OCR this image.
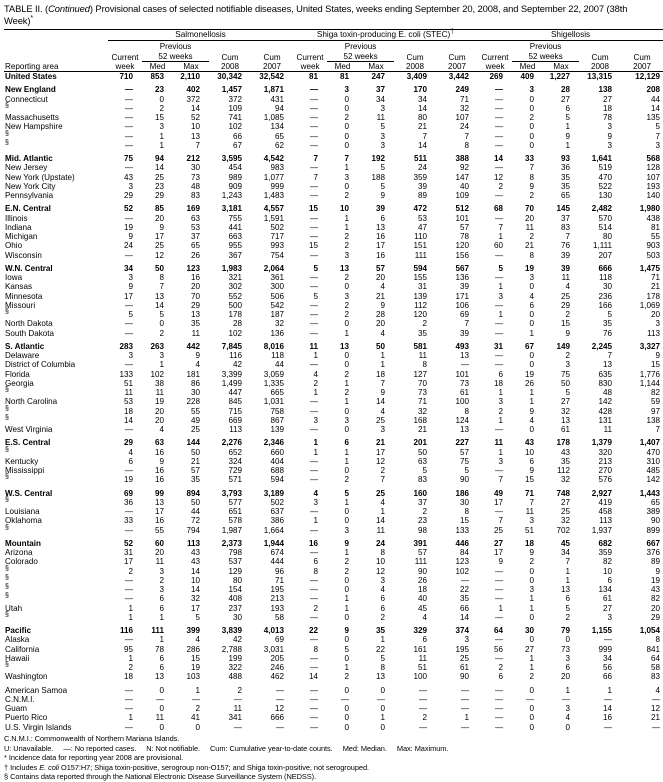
TABLE II. (Continued) Provisional cases of selected notifiable diseases, United States, weeks ending September 20, 2008, and September 22, 2007 (38th Week)*

	Salmonellosis					Shiga toxin-producing E. coli (STEC)†					Shigellosis				

		Previous					Previous					Previous			
	Current	52 weeks		Cum	Cum	Current	52 weeks		Cum	Cum	Current	52 weeks		Cum	Cum
Reporting area	week	Med	Max	2008	2007	week	Med	Max	2008	2007	week	Med	Max	2008	2007
United States	710	853	2,110	30,342	32,542	81	81	247	3,409	3,442	269	409	1,227	13,315	12,129

New England	—	23	402	1,457	1,871	—	3	37	170	249	—	3	28	138	208
Connecticut	—	0	372	372	431	—	0	34	34	71	—	0	27	27	44
§	—	2	14	109	94	—	0	3	14	32	—	0	6	18	14
Massachusetts	—	15	52	741	1,085	—	2	11	80	107	—	2	5	78	135
New Hampshire	—	3	10	102	134	—	0	5	21	24	—	0	1	3	5
§	—	1	13	66	65	—	0	3	7	7	—	0	9	9	7
§	—	1	7	67	62	—	0	3	14	8	—	0	1	3	3

Mid. Atlantic	75	94	212	3,595	4,542	7	7	192	511	388	14	33	93	1,641	568
New Jersey	—	14	30	454	983	—	1	5	24	92	—	7	36	519	128
New York (Upstate)	43	25	73	989	1,077	7	3	188	359	147	12	8	35	470	107
New York City	3	23	48	909	999	—	0	5	39	40	2	9	35	522	193
Pennsylvania	29	29	83	1,243	1,483	—	2	9	89	109	—	2	65	130	140

E.N. Central	52	85	169	3,181	4,557	15	10	39	472	512	68	70	145	2,482	1,980
Illinois	—	20	63	755	1,591	—	1	6	53	101	—	20	37	570	438
Indiana	19	9	53	441	502	—	1	13	47	57	7	11	83	514	81
Michigan	9	17	37	663	717	—	2	16	110	78	1	2	7	80	55
Ohio	24	25	65	955	993	15	2	17	151	120	60	21	76	1,111	903
Wisconsin	—	12	26	367	754	—	3	16	111	156	—	8	39	207	503

W.N. Central	34	50	123	1,983	2,064	5	13	57	594	567	5	19	39	666	1,475
Iowa	3	8	16	321	361	—	2	20	155	136	—	3	11	118	71
Kansas	9	7	20	302	300	—	0	4	31	39	1	0	4	30	21
Minnesota	17	13	70	552	506	5	3	21	139	171	3	4	25	236	178
Missouri	—	14	29	500	542	—	2	9	112	106	—	6	29	166	1,069
§	5	5	13	178	187	—	2	28	120	69	1	0	2	5	20
North Dakota	—	0	35	28	32	—	0	20	2	7	—	0	15	35	3
South Dakota	—	2	11	102	136	—	1	4	35	39	—	1	9	76	113

S. Atlantic	283	263	442	7,845	8,016	11	13	50	581	493	31	67	149	2,245	3,327
Delaware	3	3	9	116	118	1	0	1	11	13	—	0	2	7	9
District of Columbia	—	1	4	42	44	—	0	1	8	—	—	0	3	13	15
Florida	133	102	181	3,399	3,059	4	2	18	127	101	6	19	75	635	1,776
Georgia	51	38	86	1,499	1,335	2	1	7	70	73	18	26	50	830	1,144
§	11	11	30	447	665	1	2	9	73	61	1	1	5	48	82
North Carolina	53	19	228	845	1,031	—	1	14	71	100	3	1	27	142	59
§	18	20	55	715	758	—	0	4	32	8	2	9	32	428	97
§	14	20	49	669	867	3	3	25	168	124	1	4	13	131	138
West Virginia	—	4	25	113	139	—	0	3	21	13	—	0	61	11	7

E.S. Central	29	63	144	2,276	2,346	1	6	21	201	227	11	43	178	1,379	1,407
§	4	16	50	652	660	1	1	17	50	57	1	10	43	320	470
Kentucky	6	9	21	324	404	—	1	12	63	75	3	6	35	213	310
Mississippi	—	16	57	729	688	—	0	2	5	5	—	9	112	270	485
§	19	16	35	571	594	—	2	7	83	90	7	15	32	576	142

W.S. Central	69	99	894	3,793	3,189	4	5	25	160	186	49	71	748	2,927	1,443
§	36	13	50	577	502	3	1	4	37	30	17	7	27	419	65
Louisiana	—	17	44	651	637	—	0	1	2	8	—	11	25	458	389
Oklahoma	33	16	72	578	386	1	0	14	23	15	7	3	32	113	90
§	—	55	794	1,987	1,664	—	3	11	98	133	25	51	702	1,937	899

Mountain	52	60	113	2,373	1,944	16	9	24	391	446	27	18	45	682	667
Arizona	31	20	43	798	674	—	1	8	57	84	17	9	34	359	376
Colorado	17	11	43	537	444	6	2	10	111	123	9	2	7	82	89
§	2	3	14	129	96	8	2	12	90	102	—	0	1	10	9
§	—	2	10	80	71	—	0	3	26	—	—	0	1	6	19
§	—	3	14	154	195	—	0	4	18	22	—	3	13	134	43
§	—	6	32	408	213	—	1	6	40	35	—	1	6	61	82
Utah	1	6	17	237	193	2	1	6	45	66	1	1	5	27	20
§	1	1	5	30	58	—	0	2	4	14	—	0	2	3	29

Pacific	116	111	399	3,839	4,013	22	9	35	329	374	64	30	79	1,155	1,054
Alaska	—	1	4	42	69	—	0	1	6	3	—	0	0	—	8
California	95	78	286	2,788	3,031	8	5	22	161	195	56	27	73	999	841
Hawaii	1	6	15	199	205	—	0	5	11	25	—	1	3	34	64
§	2	6	19	322	246	—	1	8	51	61	2	1	6	56	58
Washington	18	13	103	488	462	14	2	13	100	90	6	2	20	66	83

American Samoa	—	0	1	2	—	—	0	0	—	—	—	0	1	1	4
C.N.M.I.	—	—	—	—	—	—	—	—	—	—	—	—	—	—	—
Guam	—	0	2	11	12	—	0	0	—	—	—	0	3	14	12
Puerto Rico	1	11	41	341	666	—	0	1	2	1	—	0	4	16	21
U.S. Virgin Islands	—	0	0	—	—	—	0	0	—	—	—	0	0	—	—
C.N.M.I.: Commonwealth of Northern Mariana Islands.
U: Unavailable. —: No reported cases. N: Not notifiable. Cum: Cumulative year-to-date counts. Med: Median. Max: Maximum.
* Incidence data for reporting year 2008 are provisional.
† Includes E. coli O157:H7; Shiga toxin-positive, serogroup non-O157; and Shiga toxin-positive, not serogrouped.
§ Contains data reported through the National Electronic Disease Surveillance System (NEDSS).
